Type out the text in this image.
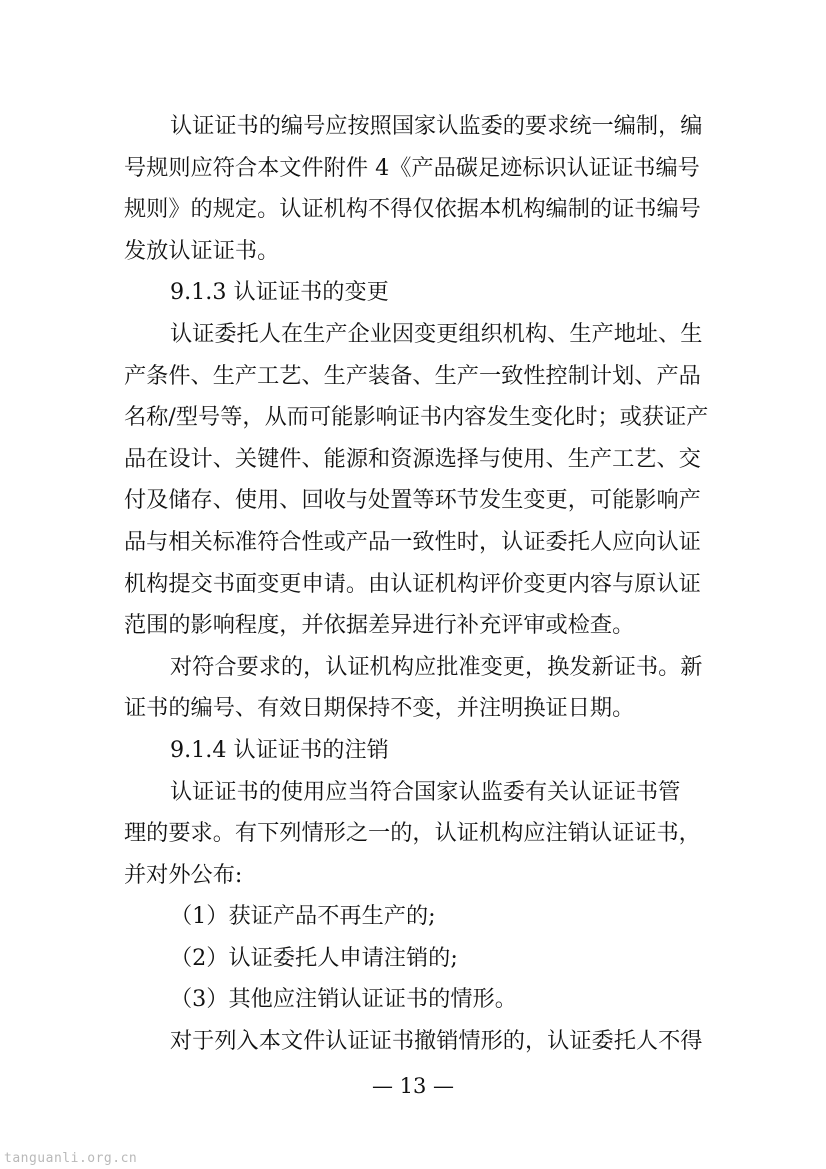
认证证书的编号应按照国家认监委的要求统一编制，编

号规则应符合本文件附件 4《产品碳足迹标识认证证书编号

规则》的规定。认证机构不得仅依据本机构编制的证书编号

发放认证证书。

9.1.3 认证证书的变更

认证委托人在生产企业因变更组织机构、生产地址、生

产条件、生产工艺、生产装备、生产一致性控制计划、产品

名称/型号等，从而可能影响证书内容发生变化时；或获证产

品在设计、关键件、能源和资源选择与使用、生产工艺、交

付及储存、使用、回收与处置等环节发生变更，可能影响产

品与相关标准符合性或产品一致性时，认证委托人应向认证

机构提交书面变更申请。由认证机构评价变更内容与原认证

范围的影响程度，并依据差异进行补充评审或检查。

对符合要求的，认证机构应批准变更，换发新证书。新

证书的编号、有效日期保持不变，并注明换证日期。

9.1.4 认证证书的注销

认证证书的使用应当符合国家认监委有关认证证书管

理的要求。有下列情形之一的，认证机构应注销认证证书，

并对外公布:

（1）获证产品不再生产的;

（2）认证委托人申请注销的;

（3）其他应注销认证证书的情形。

对于列入本文件认证证书撤销情形的，认证委托人不得

— 13 —
tanguanli.org.cn
